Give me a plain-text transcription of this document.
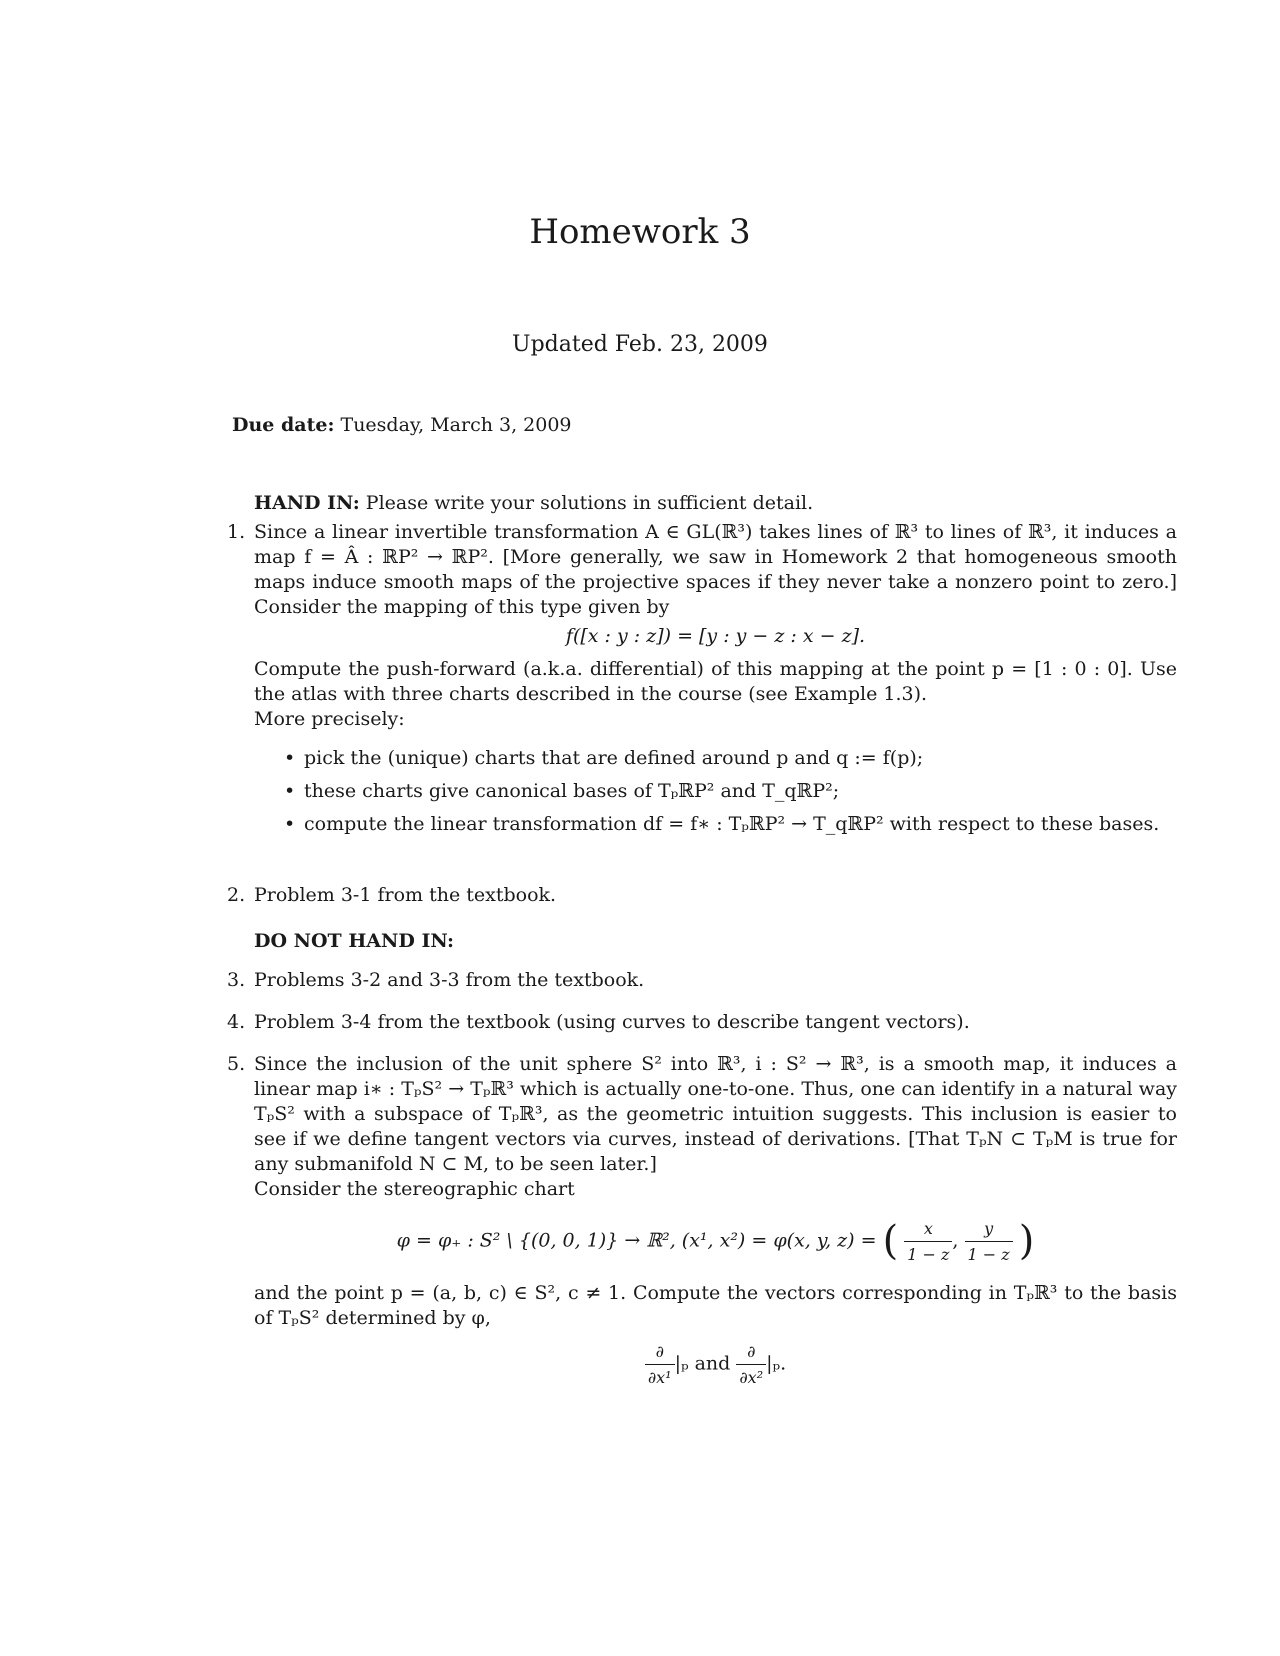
Homework 3
Updated Feb. 23, 2009
Due date: Tuesday, March 3, 2009
HAND IN: Please write your solutions in sufficient detail.
1. Since a linear invertible transformation A ∈ GL(ℝ³) takes lines of ℝ³ to lines of ℝ³, it induces a map f = Â : ℝP² → ℝP². [More generally, we saw in Homework 2 that homogeneous smooth maps induce smooth maps of the projective spaces if they never take a nonzero point to zero.] Consider the mapping of this type given by

f([x : y : z]) = [y : y − z : x − z].

Compute the push-forward (a.k.a. differential) of this mapping at the point p = [1 : 0 : 0]. Use the atlas with three charts described in the course (see Example 1.3).

More precisely:

• pick the (unique) charts that are defined around p and q := f(p);
• these charts give canonical bases of TₚℝP² and T_qℝP²;
• compute the linear transformation df = f∗ : TₚℝP² → T_qℝP² with respect to these bases.
2. Problem 3-1 from the textbook.

DO NOT HAND IN:
3. Problems 3-2 and 3-3 from the textbook.

4. Problem 3-4 from the textbook (using curves to describe tangent vectors).

5. Since the inclusion of the unit sphere S² into ℝ³, i : S² → ℝ³, is a smooth map, it induces a linear map i∗ : TₚS² → Tₚℝ³ which is actually one-to-one. Thus, one can identify in a natural way TₚS² with a subspace of Tₚℝ³, as the geometric intuition suggests. This inclusion is easier to see if we define tangent vectors via curves, instead of derivations. [That TₚN ⊂ TₚM is true for any submanifold N ⊂ M, to be seen later.]

Consider the stereographic chart

φ = φ₊ : S² \ {(0, 0, 1)} → ℝ², (x¹, x²) = φ(x, y, z) = ( $\frac{x}{1 - z}$ , $\frac{y}{1 - z}$ )

and the point p = (a, b, c) ∈ S², c ≠ 1. Compute the vectors corresponding in Tₚℝ³ to the basis of TₚS² determined by φ,

$\frac{\partial}{\text{∂x¹}} |_p$ and $\frac{\partial}{\text{∂x²}} |_p$.
